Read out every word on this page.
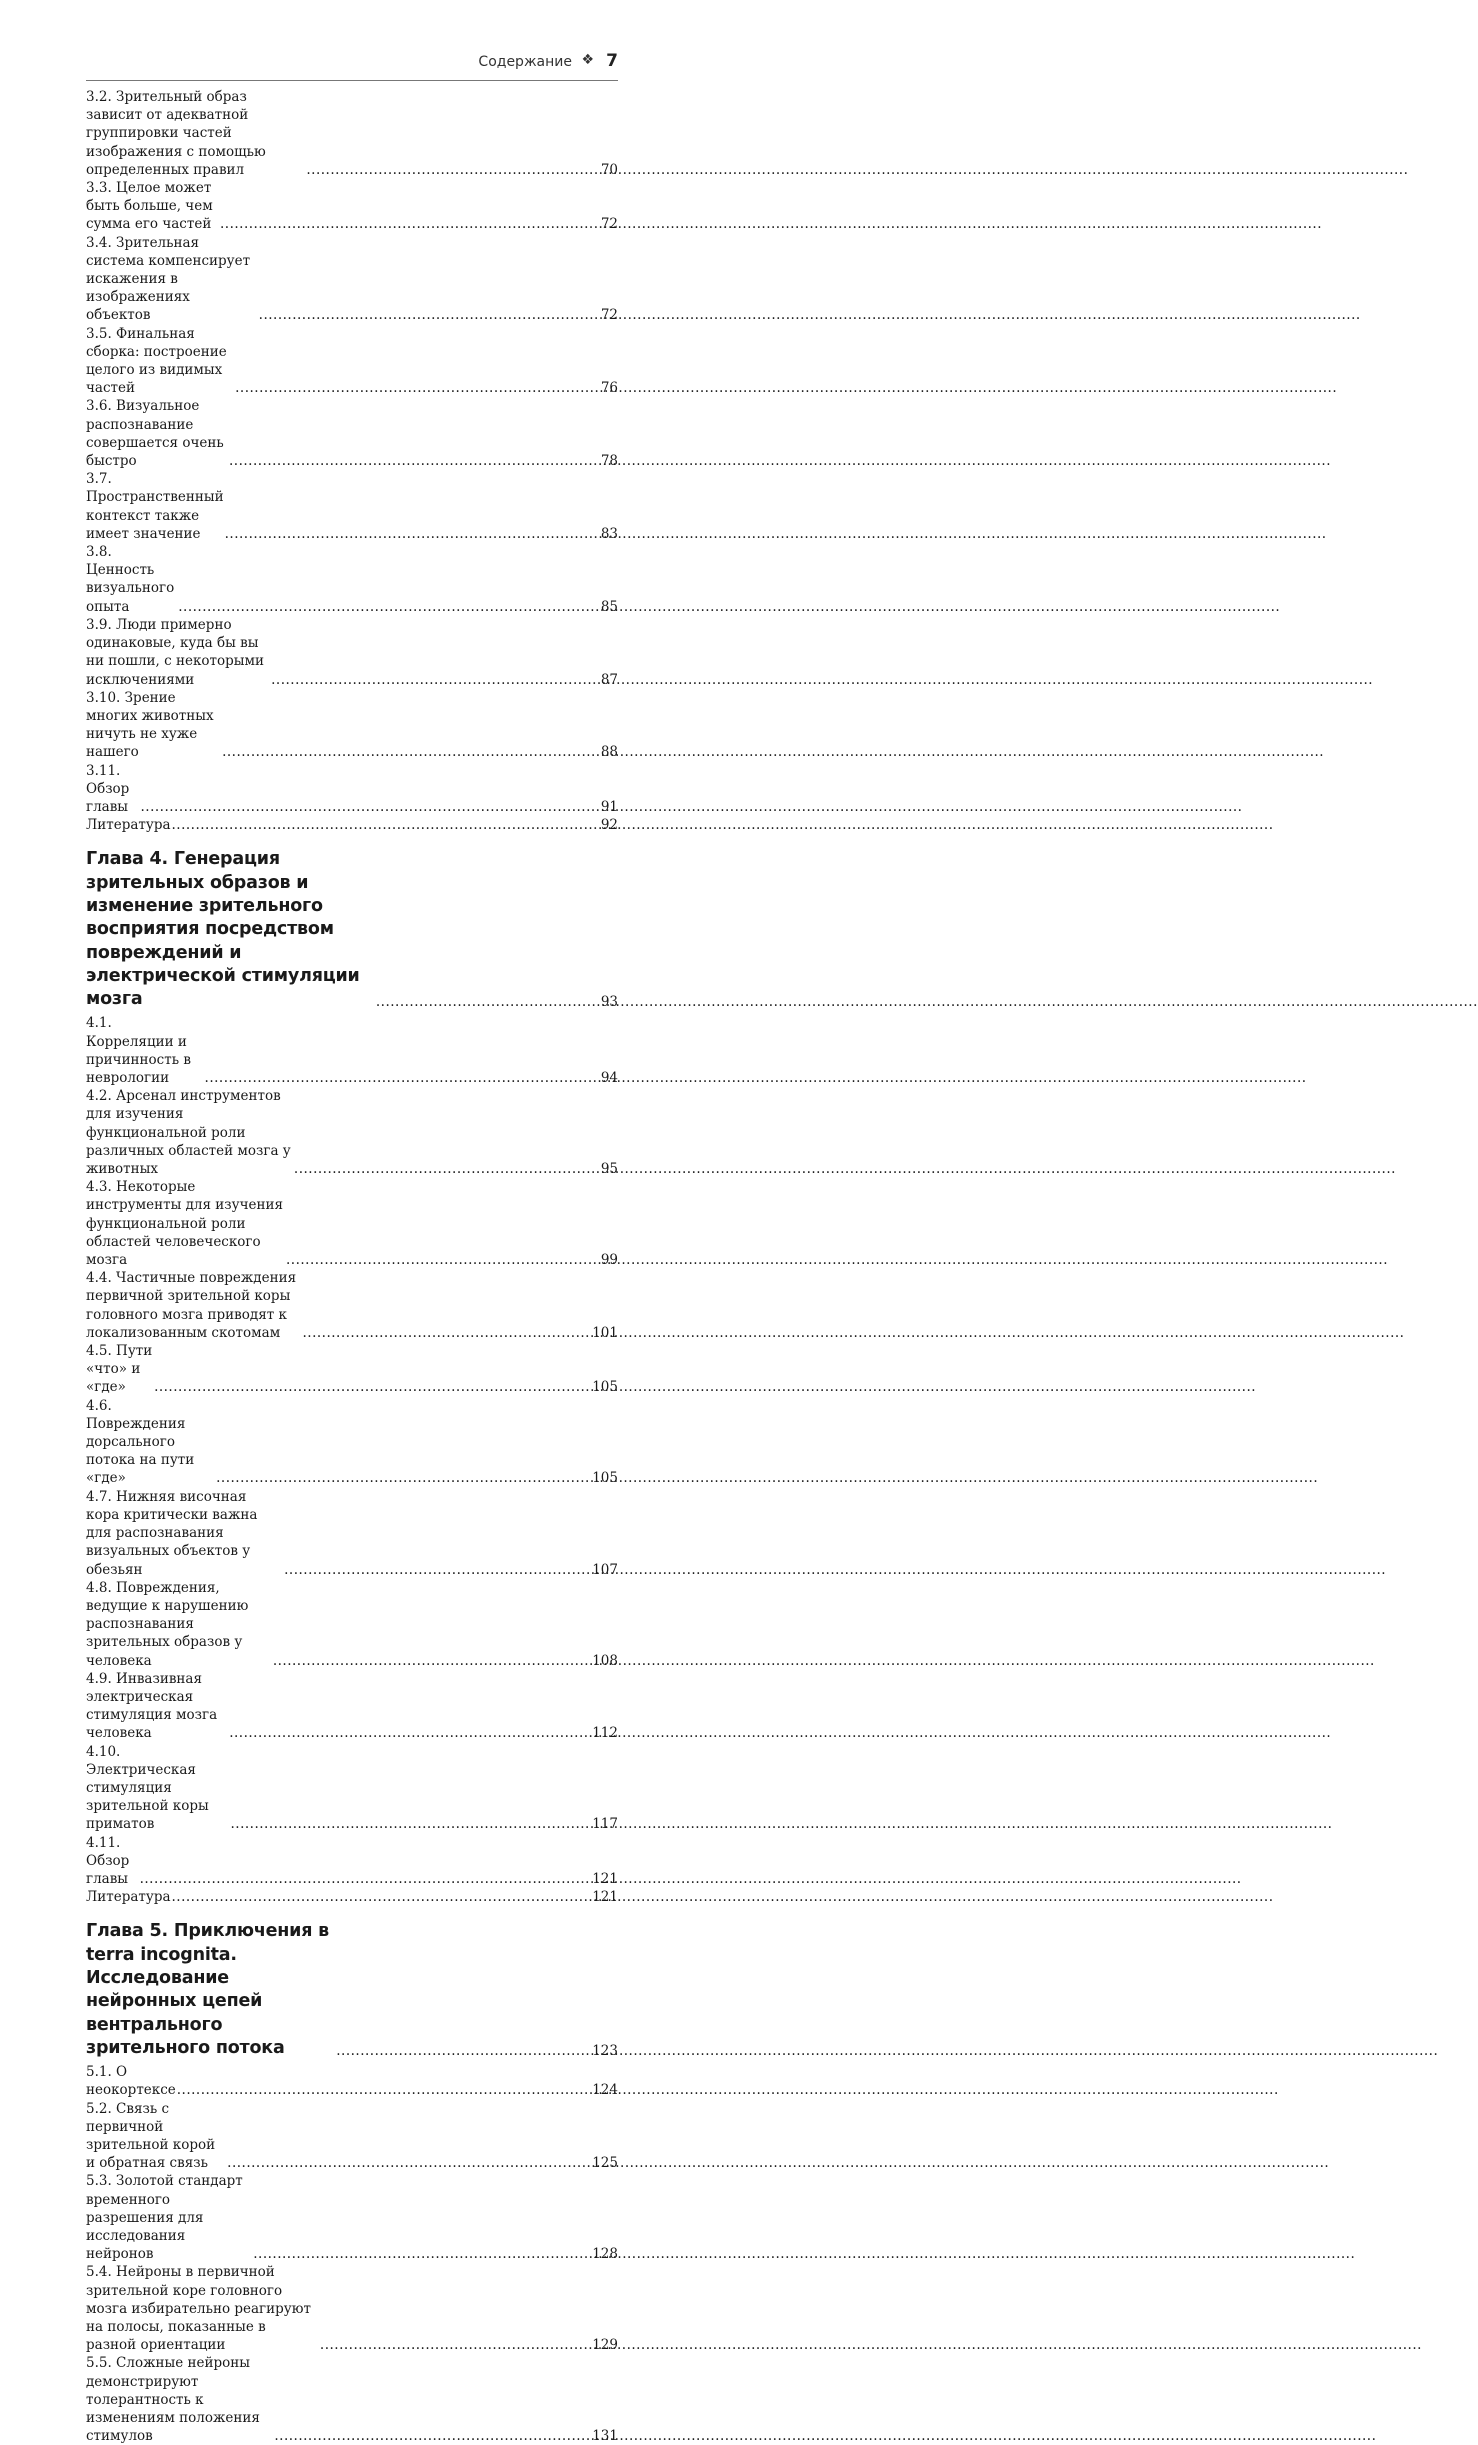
Содержание ❖ 7
3.2. Зрительный образ зависит от адекватной группировки частей изображения с помощью определенных правил .....	70
3.3. Целое может быть больше, чем сумма его частей .....	72
3.4. Зрительная система компенсирует искажения в изображениях объектов .....	72
3.5. Финальная сборка: построение целого из видимых частей .....	76
3.6. Визуальное распознавание совершается очень быстро .....	78
3.7. Пространственный контекст также имеет значение .....	83
3.8. Ценность визуального опыта .....	85
3.9. Люди примерно одинаковые, куда бы вы ни пошли, с некоторыми исключениями .....	87
3.10. Зрение многих животных ничуть не хуже нашего .....	88
3.11. Обзор главы .....	91
Литература .....	92
Глава 4. Генерация зрительных образов и изменение зрительного восприятия посредством повреждений и электрической стимуляции мозга .....	93
4.1. Корреляции и причинность в неврологии .....	94
4.2. Арсенал инструментов для изучения функциональной роли различных областей мозга у животных .....	95
4.3. Некоторые инструменты для изучения функциональной роли областей человеческого мозга .....	99
4.4. Частичные повреждения первичной зрительной коры головного мозга приводят к локализованным скотомам .....	101
4.5. Пути «что» и «где» .....	105
4.6. Повреждения дорсального потока на пути «где» .....	105
4.7. Нижняя височная кора критически важна для распознавания визуальных объектов у обезьян .....	107
4.8. Повреждения, ведущие к нарушению распознавания зрительных образов у человека .....	108
4.9. Инвазивная электрическая стимуляция мозга человека .....	112
4.10. Электрическая стимуляция зрительной коры приматов .....	117
4.11. Обзор главы .....	121
Литература .....	121
Глава 5. Приключения в terra incognita. Исследование нейронных цепей вентрального зрительного потока .....	123
5.1. О неокортексе .....	124
5.2. Связь с первичной зрительной корой и обратная связь .....	125
5.3. Золотой стандарт временного разрешения для исследования нейронов .....	128
5.4. Нейроны в первичной зрительной коре головного мозга избирательно реагируют на полосы, показанные в разной ориентации .....	129
5.5. Сложные нейроны демонстрируют толерантность к изменениям положения стимулов .....	131
